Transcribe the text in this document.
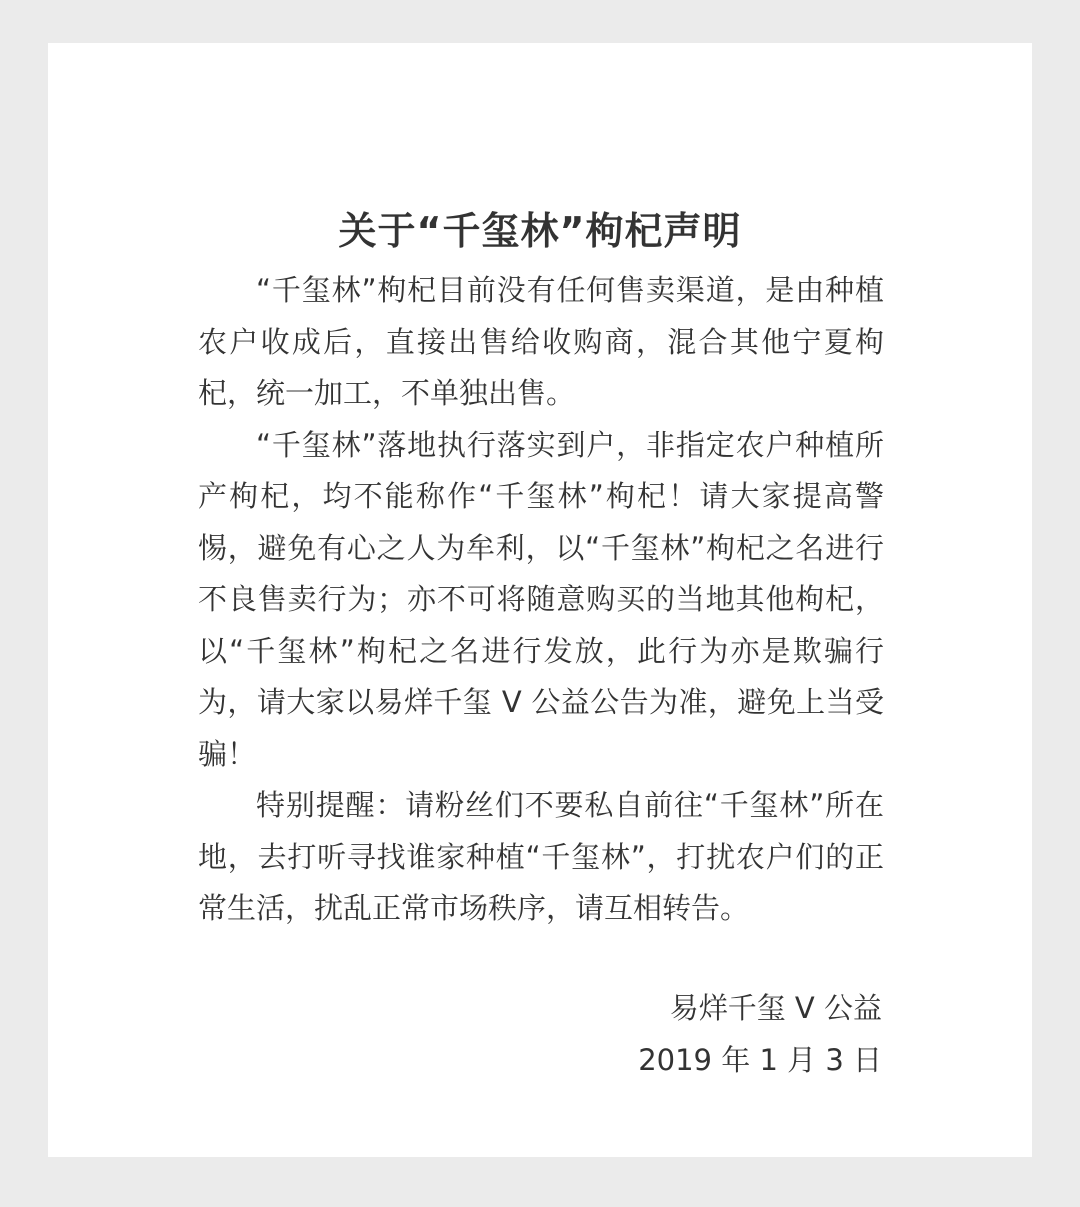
关于“千玺林”枸杞声明

“千玺林”枸杞目前没有任何售卖渠道，是由种植农户收成后，直接出售给收购商，混合其他宁夏枸杞，统一加工，不单独出售。

“千玺林”落地执行落实到户，非指定农户种植所产枸杞，均不能称作“千玺林”枸杞！请大家提高警惕，避免有心之人为牟利，以“千玺林”枸杞之名进行不良售卖行为；亦不可将随意购买的当地其他枸杞，以“千玺林”枸杞之名进行发放，此行为亦是欺骗行为，请大家以易烊千玺 V 公益公告为准，避免上当受骗！

特别提醒：请粉丝们不要私自前往“千玺林”所在地，去打听寻找谁家种植“千玺林”，打扰农户们的正常生活，扰乱正常市场秩序，请互相转告。

易烊千玺 V 公益
2019 年 1 月 3 日
